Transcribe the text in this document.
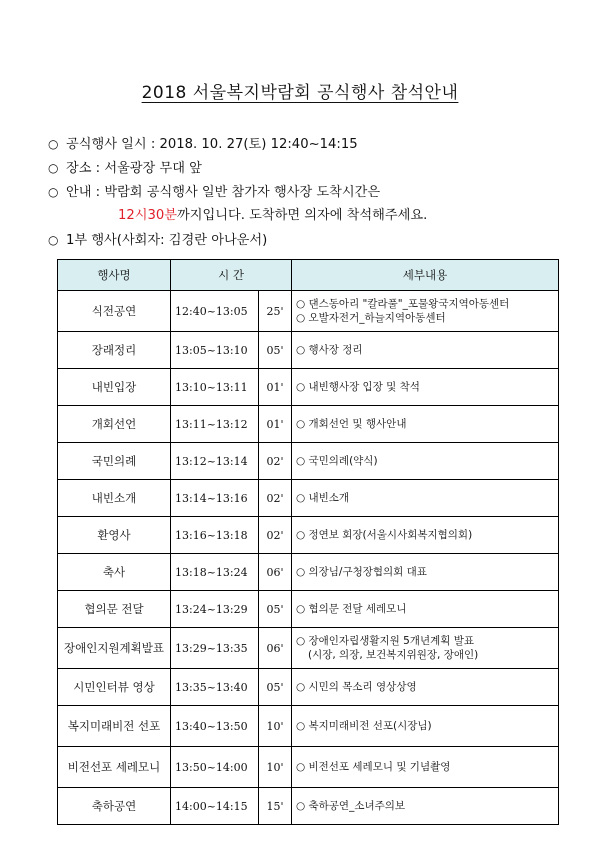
2018 서울복지박람회 공식행사 참석안내
○ 공식행사 일시 : 2018. 10. 27(토) 12:40~14:15
○ 장소 : 서울광장 무대 앞
○ 안내 : 박람회 공식행사 일반 참가자 행사장 도착시간은
12시30분까지입니다. 도착하면 의자에 착석해주세요.
○ 1부 행사(사회자: 김경란 아나운서)
행사명	시 간		세부내용
식전공연	12:40~13:05	25'	○ 댄스동아리 "칼라풀"_포물왕국지역아동센터
○ 오발자전거_하늘지역아동센터

장래정리	13:05~13:10	05'	○ 행사장 정리

내빈입장	13:10~13:11	01'	○ 내빈행사장 입장 및 착석

개회선언	13:11~13:12	01'	○ 개회선언 및 행사안내

국민의례	13:12~13:14	02'	○ 국민의례(약식)

내빈소개	13:14~13:16	02'	○ 내빈소개

환영사	13:16~13:18	02'	○ 정연보 회장(서울시사회복지협의회)

축사	13:18~13:24	06'	○ 의장님/구청장협의회 대표

협의문 전달	13:24~13:29	05'	○ 협의문 전달 세레모니

장애인지원계획발표	13:29~13:35	06'	○ 장애인자립생활지원 5개년계획 발표
(시장, 의장, 보건복지위원장, 장애인)

시민인터뷰 영상	13:35~13:40	05'	○ 시민의 목소리 영상상영

복지미래비전 선포	13:40~13:50	10'	○ 복지미래비전 선포(시장님)

비전선포 세레모니	13:50~14:00	10'	○ 비전선포 세레모니 및 기념촬영

축하공연	14:00~14:15	15'	○ 축하공연_소녀주의보
